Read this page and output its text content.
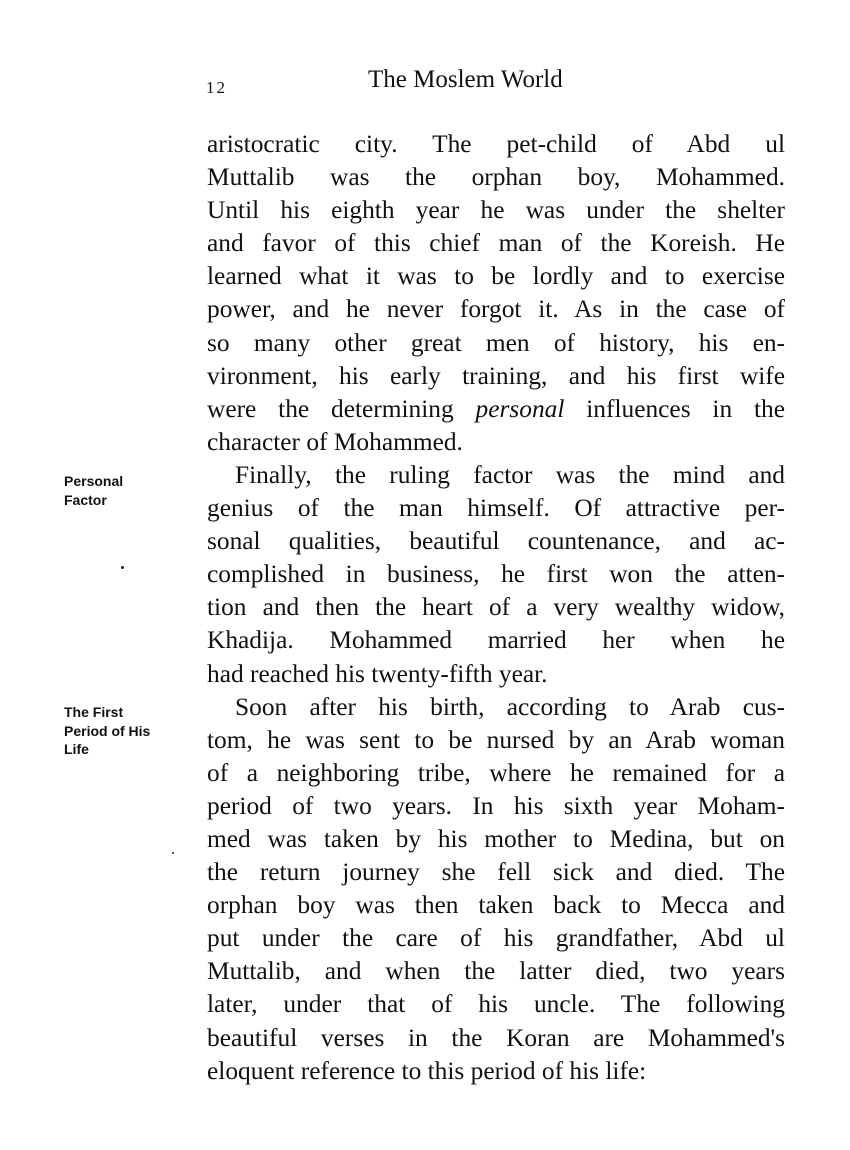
12	The Moslem World
Personal
Factor
The First
Period of His
Life
aristocratic city. The pet-child of Abd ul
Muttalib was the orphan boy, Mohammed.
Until his eighth year he was under the shelter
and favor of this chief man of the Koreish. He
learned what it was to be lordly and to exercise
power, and he never forgot it. As in the case of
so many other great men of history, his en-
vironment, his early training, and his first wife
were the determining personal influences in the
character of Mohammed.
Finally, the ruling factor was the mind and
genius of the man himself. Of attractive per-
sonal qualities, beautiful countenance, and ac-
complished in business, he first won the atten-
tion and then the heart of a very wealthy widow,
Khadija. Mohammed married her when he
had reached his twenty-fifth year.
Soon after his birth, according to Arab cus-
tom, he was sent to be nursed by an Arab woman
of a neighboring tribe, where he remained for a
period of two years. In his sixth year Moham-
med was taken by his mother to Medina, but on
the return journey she fell sick and died. The
orphan boy was then taken back to Mecca and
put under the care of his grandfather, Abd ul
Muttalib, and when the latter died, two years
later, under that of his uncle. The following
beautiful verses in the Koran are Mohammed's
eloquent reference to this period of his life:
